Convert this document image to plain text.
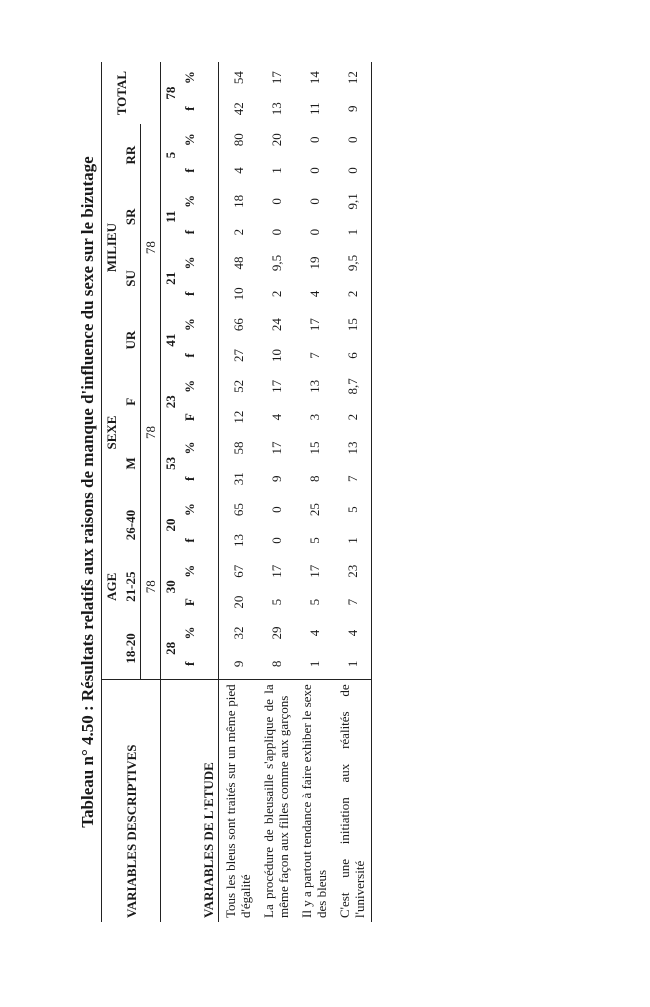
Tableau n° 4.50 : Résultats relatifs aux raisons de manque d'influence du sexe sur le bizutage
VARIABLES DESCRIPTIVES	AGE						SEXE				MILIEU								TOTAL	
	18-20		21-25		26-40		M		F		UR		SU		SR		RR			
	78						78				78									
	28		30		20		53		23		41		21		11		5		78	
	f	%	F	%	f	%	f	%	F	%	f	%	f	%	f	%	f	%	f	%
VARIABLES DE L'ETUDE																				
Tous les bleus sont traités sur un même pied d'égalité	9	32	20	67	13	65	31	58	12	52	27	66	10	48	2	18	4	80	42	54
La procédure de bleusaille s'applique de la même façon aux filles comme aux garçons	8	29	5	17	0	0	9	17	4	17	10	24	2	9,5	0	0	1	20	13	17
Il y a partout tendance à faire exhiber le sexe des bleus	1	4	5	17	5	25	8	15	3	13	7	17	4	19	0	0	0	0	11	14
C'est une initiation aux réalités de l'université	1	4	7	23	1	5	7	13	2	8,7	6	15	2	9,5	1	9,1	0	0	9	12
